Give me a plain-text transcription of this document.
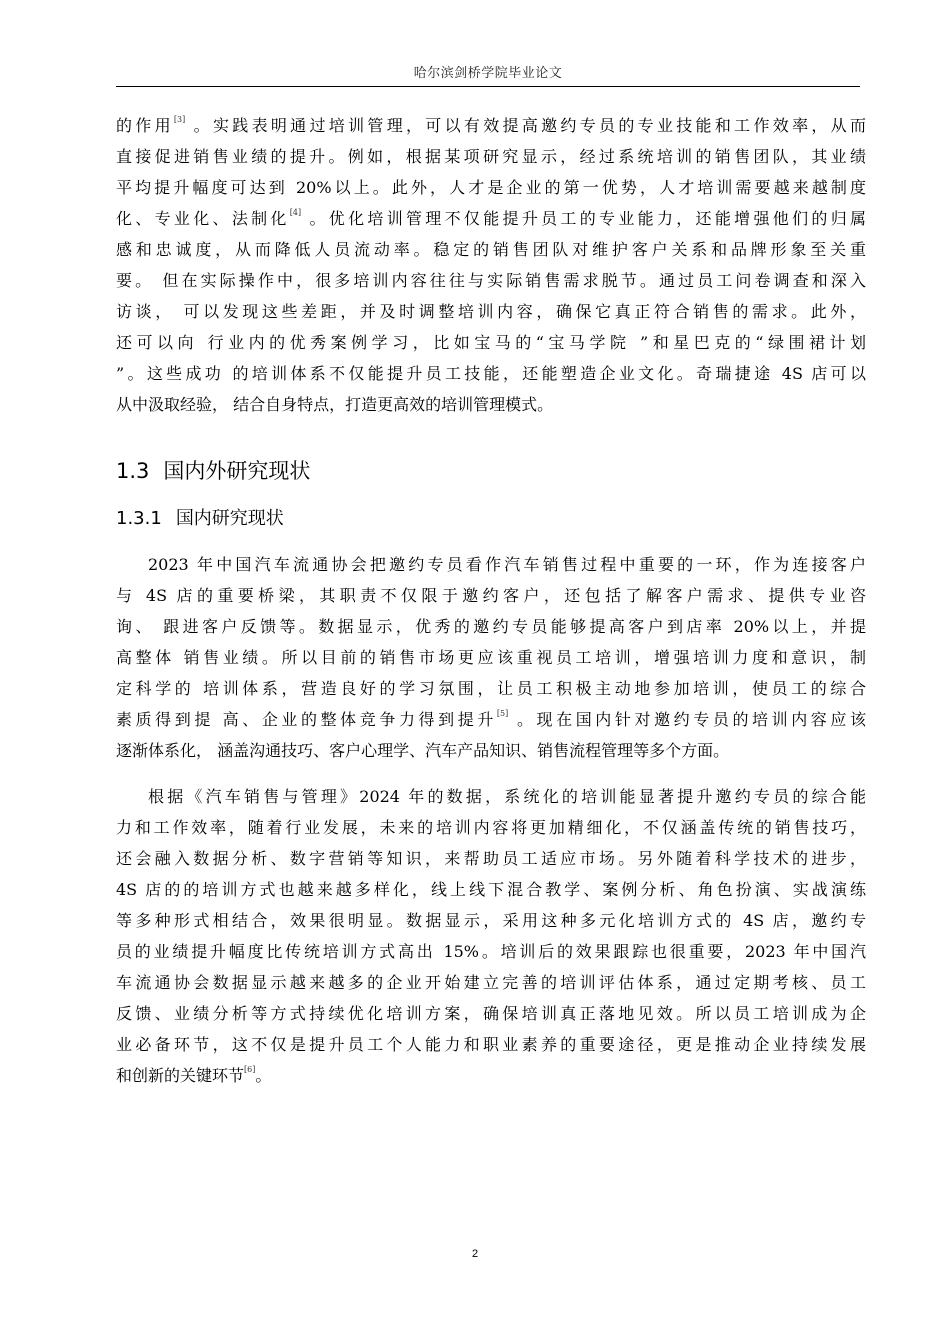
哈尔滨剑桥学院毕业论文
的作用[3] 。实践表明通过培训管理，可以有效提高邀约专员的专业技能和工作效率，从而
直接促进销售业绩的提升。例如，根据某项研究显示，经过系统培训的销售团队，其业绩
平均提升幅度可达到 20%以上。此外，人才是企业的第一优势，人才培训需要越来越制度
化、专业化、法制化[4] 。优化培训管理不仅能提升员工的专业能力，还能增强他们的归属
感和忠诚度，从而降低人员流动率。稳定的销售团队对维护客户关系和品牌形象至关重
要。 但在实际操作中，很多培训内容往往与实际销售需求脱节。通过员工问卷调查和深入
访谈， 可以发现这些差距，并及时调整培训内容，确保它真正符合销售的需求。此外，
还可以向 行业内的优秀案例学习，比如宝马的“宝马学院 ”和星巴克的“绿围裙计划
”。这些成功 的培训体系不仅能提升员工技能，还能塑造企业文化。奇瑞捷途 4S 店可以
从中汲取经验， 结合自身特点，打造更高效的培训管理模式。
1.3 国内外研究现状
1.3.1 国内研究现状
2023 年中国汽车流通协会把邀约专员看作汽车销售过程中重要的一环，作为连接客户
与 4S 店的重要桥梁，其职责不仅限于邀约客户，还包括了解客户需求、提供专业咨
询、 跟进客户反馈等。数据显示，优秀的邀约专员能够提高客户到店率 20%以上，并提
高整体 销售业绩。所以目前的销售市场更应该重视员工培训，增强培训力度和意识，制
定科学的 培训体系，营造良好的学习氛围，让员工积极主动地参加培训，使员工的综合
素质得到提 高、企业的整体竞争力得到提升[5] 。现在国内针对邀约专员的培训内容应该
逐渐体系化， 涵盖沟通技巧、客户心理学、汽车产品知识、销售流程管理等多个方面。
根据《汽车销售与管理》2024 年的数据，系统化的培训能显著提升邀约专员的综合能
力和工作效率，随着行业发展，未来的培训内容将更加精细化，不仅涵盖传统的销售技巧，
还会融入数据分析、数字营销等知识，来帮助员工适应市场。另外随着科学技术的进步，
4S 店的的培训方式也越来越多样化，线上线下混合教学、案例分析、角色扮演、实战演练
等多种形式相结合，效果很明显。数据显示，采用这种多元化培训方式的 4S 店，邀约专
员的业绩提升幅度比传统培训方式高出 15%。培训后的效果跟踪也很重要，2023 年中国汽
车流通协会数据显示越来越多的企业开始建立完善的培训评估体系，通过定期考核、员工
反馈、业绩分析等方式持续优化培训方案，确保培训真正落地见效。所以员工培训成为企
业必备环节，这不仅是提升员工个人能力和职业素养的重要途径，更是推动企业持续发展
和创新的关键环节[6]。
2
